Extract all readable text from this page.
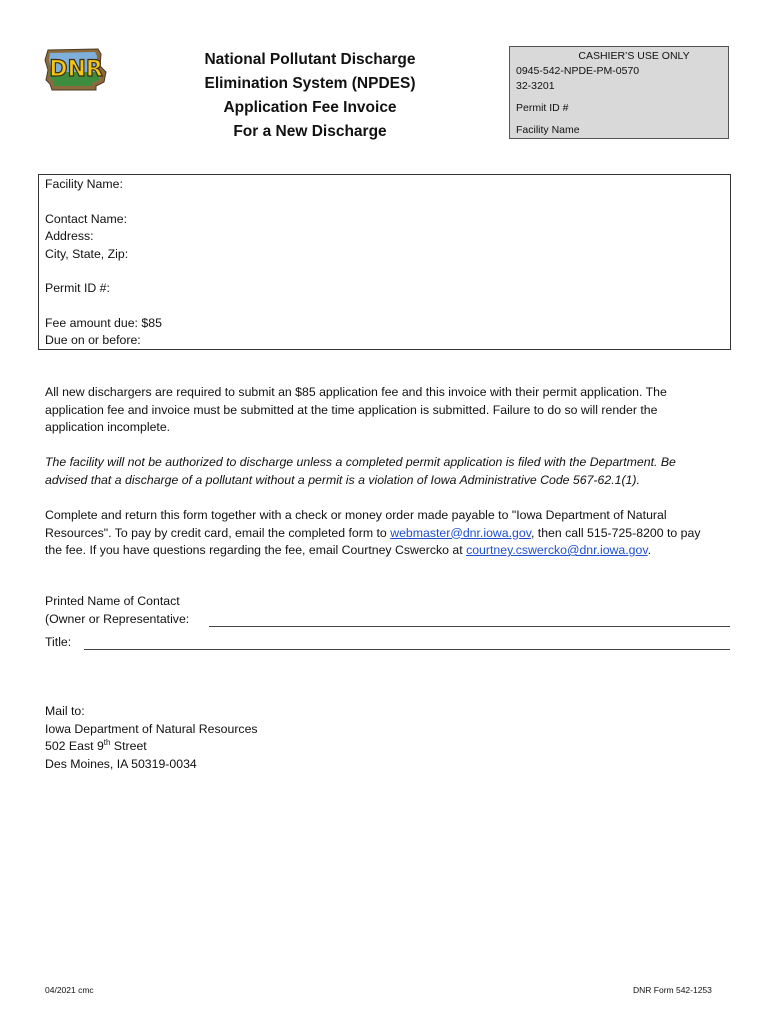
DNR	National Pollutant Discharge
Elimination System (NPDES)
Application Fee Invoice
For a New Discharge
CASHIER’S USE ONLY
0945-542-NPDE-PM-0570
32-3201
Permit ID #
Facility Name
Facility Name:
Contact Name:
Address:
City, State, Zip:
Permit ID #:
Fee amount due: $85
Due on or before:
All new dischargers are required to submit an $85 application fee and this invoice with their permit application. The application fee and invoice must be submitted at the time application is submitted. Failure to do so will render the application incomplete.
The facility will not be authorized to discharge unless a completed permit application is filed with the Department. Be advised that a discharge of a pollutant without a permit is a violation of Iowa Administrative Code 567-62.1(1).
Complete and return this form together with a check or money order made payable to "Iowa Department of Natural Resources". To pay by credit card, email the completed form to webmaster@dnr.iowa.gov, then call 515-725-8200 to pay the fee. If you have questions regarding the fee, email Courtney Cswercko at courtney.cswercko@dnr.iowa.gov.
Printed Name of Contact
(Owner or Representative:
Title:
Mail to:
Iowa Department of Natural Resources
502 East 9th Street
Des Moines, IA 50319-0034
04/2021 cmc	DNR Form 542-1253
